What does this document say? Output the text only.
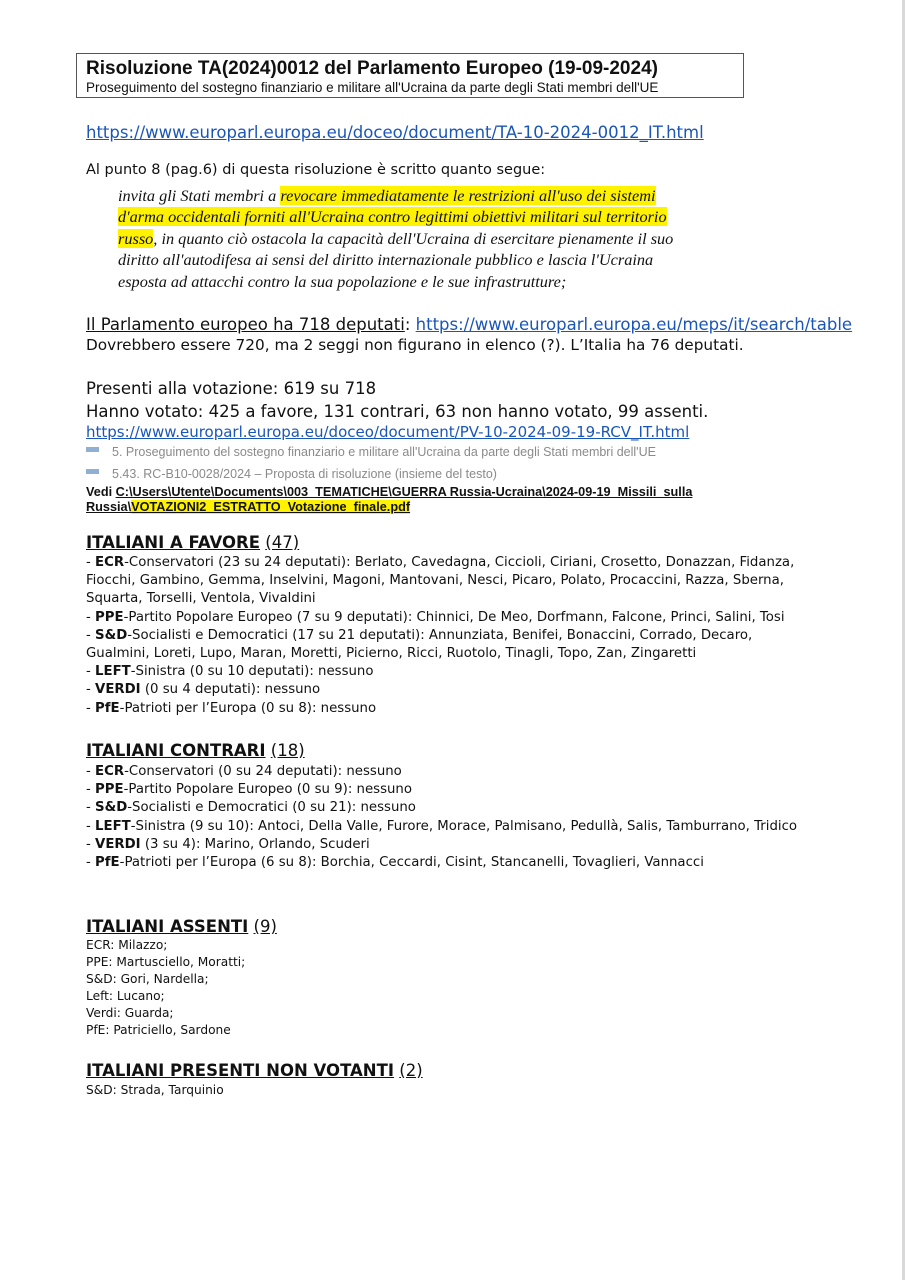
Risoluzione TA(2024)0012 del Parlamento Europeo (19-09-2024)
Proseguimento del sostegno finanziario e militare all'Ucraina da parte degli Stati membri dell'UE
https://www.europarl.europa.eu/doceo/document/TA-10-2024-0012_IT.html
Al punto 8 (pag.6) di questa risoluzione è scritto quanto segue:
invita gli Stati membri a revocare immediatamente le restrizioni all'uso dei sistemi
d'arma occidentali forniti all'Ucraina contro legittimi obiettivi militari sul territorio
russo, in quanto ciò ostacola la capacità dell'Ucraina di esercitare pienamente il suo
diritto all'autodifesa ai sensi del diritto internazionale pubblico e lascia l'Ucraina
esposta ad attacchi contro la sua popolazione e le sue infrastrutture;
Il Parlamento europeo ha 718 deputati: https://www.europarl.europa.eu/meps/it/search/table
Dovrebbero essere 720, ma 2 seggi non figurano in elenco (?). L’Italia ha 76 deputati.
Presenti alla votazione: 619 su 718
Hanno votato: 425 a favore, 131 contrari, 63 non hanno votato, 99 assenti.
https://www.europarl.europa.eu/doceo/document/PV-10-2024-09-19-RCV_IT.html
5. Proseguimento del sostegno finanziario e militare all'Ucraina da parte degli Stati membri dell'UE
5.43. RC-B10-0028/2024 – Proposta di risoluzione (insieme del testo)
Vedi C:\Users\Utente\Documents\003_TEMATICHE\GUERRA Russia-Ucraina\2024-09-19_Missili_sulla
Russia\VOTAZIONI2_ESTRATTO_Votazione_finale.pdf
ITALIANI A FAVORE (47)
- ECR-Conservatori (23 su 24 deputati): Berlato, Cavedagna, Ciccioli, Ciriani, Crosetto, Donazzan, Fidanza,
Fiocchi, Gambino, Gemma, Inselvini, Magoni, Mantovani, Nesci, Picaro, Polato, Procaccini, Razza, Sberna,
Squarta, Torselli, Ventola, Vivaldini
- PPE-Partito Popolare Europeo (7 su 9 deputati): Chinnici, De Meo, Dorfmann, Falcone, Princi, Salini, Tosi
- S&D-Socialisti e Democratici (17 su 21 deputati): Annunziata, Benifei, Bonaccini, Corrado, Decaro,
Gualmini, Loreti, Lupo, Maran, Moretti, Picierno, Ricci, Ruotolo, Tinagli, Topo, Zan, Zingaretti
- LEFT-Sinistra (0 su 10 deputati): nessuno
- VERDI (0 su 4 deputati): nessuno
- PfE-Patrioti per l’Europa (0 su 8): nessuno
ITALIANI CONTRARI (18)
- ECR-Conservatori (0 su 24 deputati): nessuno
- PPE-Partito Popolare Europeo (0 su 9): nessuno
- S&D-Socialisti e Democratici (0 su 21): nessuno
- LEFT-Sinistra (9 su 10): Antoci, Della Valle, Furore, Morace, Palmisano, Pedullà, Salis, Tamburrano, Tridico
- VERDI (3 su 4): Marino, Orlando, Scuderi
- PfE-Patrioti per l’Europa (6 su 8): Borchia, Ceccardi, Cisint, Stancanelli, Tovaglieri, Vannacci
ITALIANI ASSENTI (9)
ECR: Milazzo;
PPE: Martusciello, Moratti;
S&D: Gori, Nardella;
Left: Lucano;
Verdi: Guarda;
PfE: Patriciello, Sardone
ITALIANI PRESENTI NON VOTANTI (2)
S&D: Strada, Tarquinio
